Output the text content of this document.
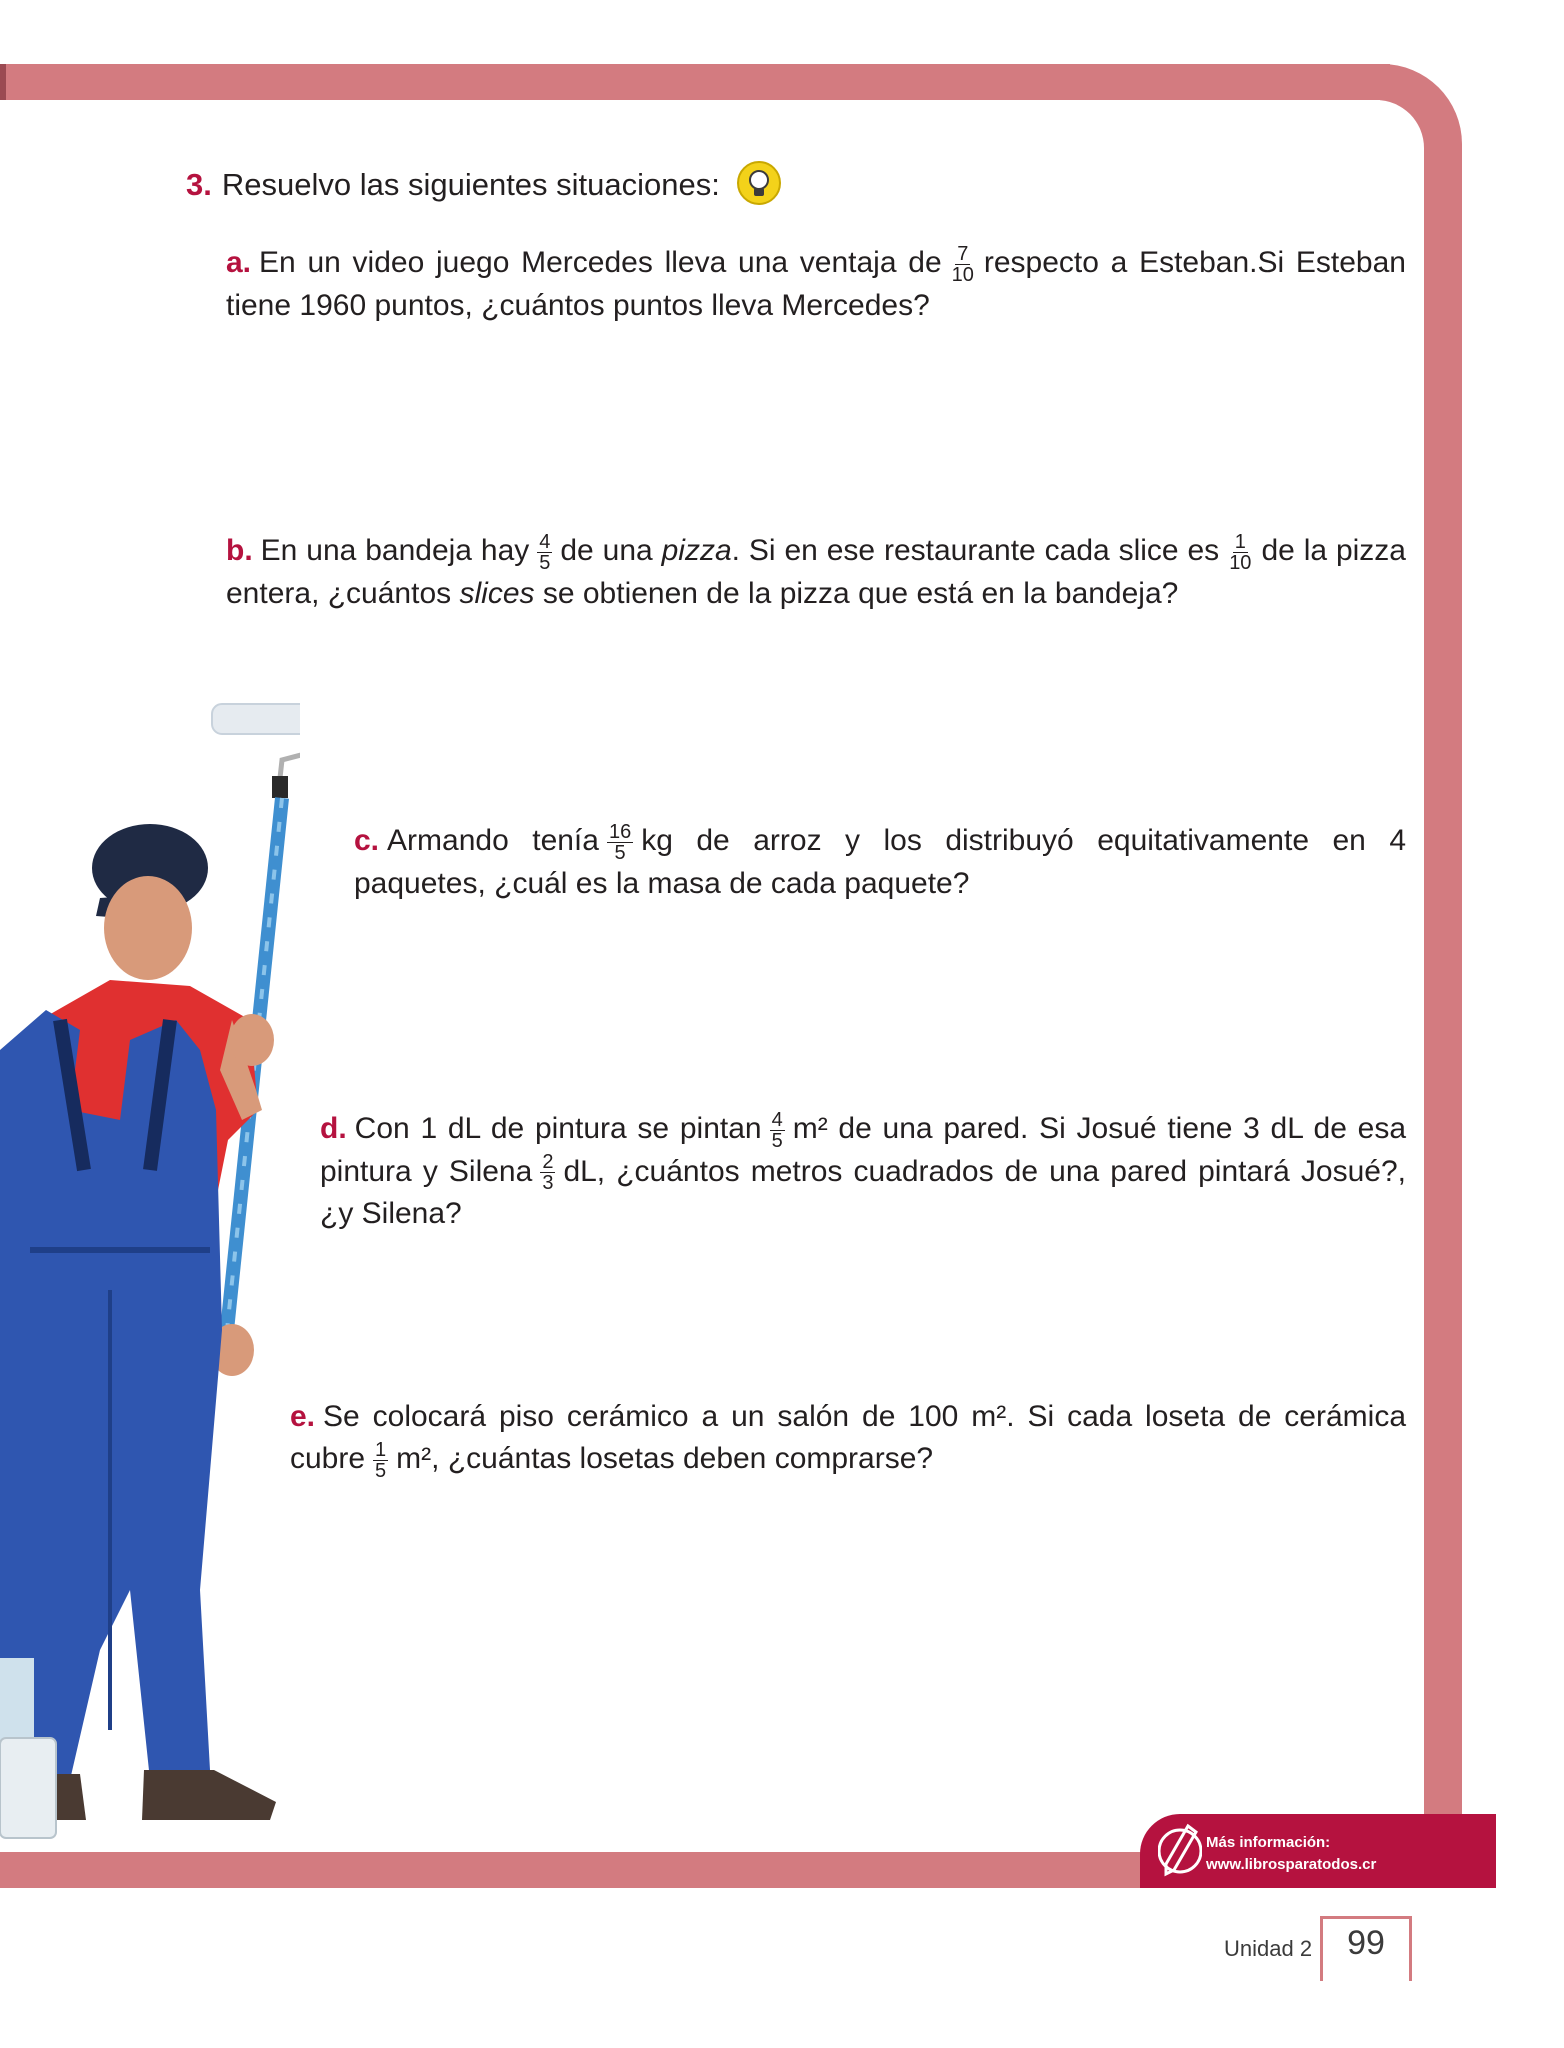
3. Resuelvo las siguientes situaciones:
a. En un video juego Mercedes lleva una ventaja de $\frac{7}{10}$ respecto a Esteban.Si Esteban tiene 1960 puntos, ¿cuántos puntos lleva Mercedes?
b. En una bandeja hay $\frac{4}{5}$ de una pizza. Si en ese restaurante cada slice es $\frac{1}{10}$ de la pizza entera, ¿cuántos slices se obtienen de la pizza que está en la bandeja?
c. Armando tenía $\frac{16}{5}$ kg de arroz y los distribuyó equitativamente en 4 paquetes, ¿cuál es la masa de cada paquete?
d. Con 1 dL de pintura se pintan $\frac{4}{5} m^2$ de una pared. Si Josué tiene 3 dL de esa pintura y Silena $\frac{2}{3}$ dL, ¿cuántos metros cuadrados de una pared pintará Josué?, ¿y Silena?
e. Se colocará piso cerámico a un salón de 100 m². Si cada loseta de cerámica cubre $\frac{1}{5} m^2$, ¿cuántas losetas deben comprarse?
Más información:
www.librosparatodos.cr
Unidad 2	99
